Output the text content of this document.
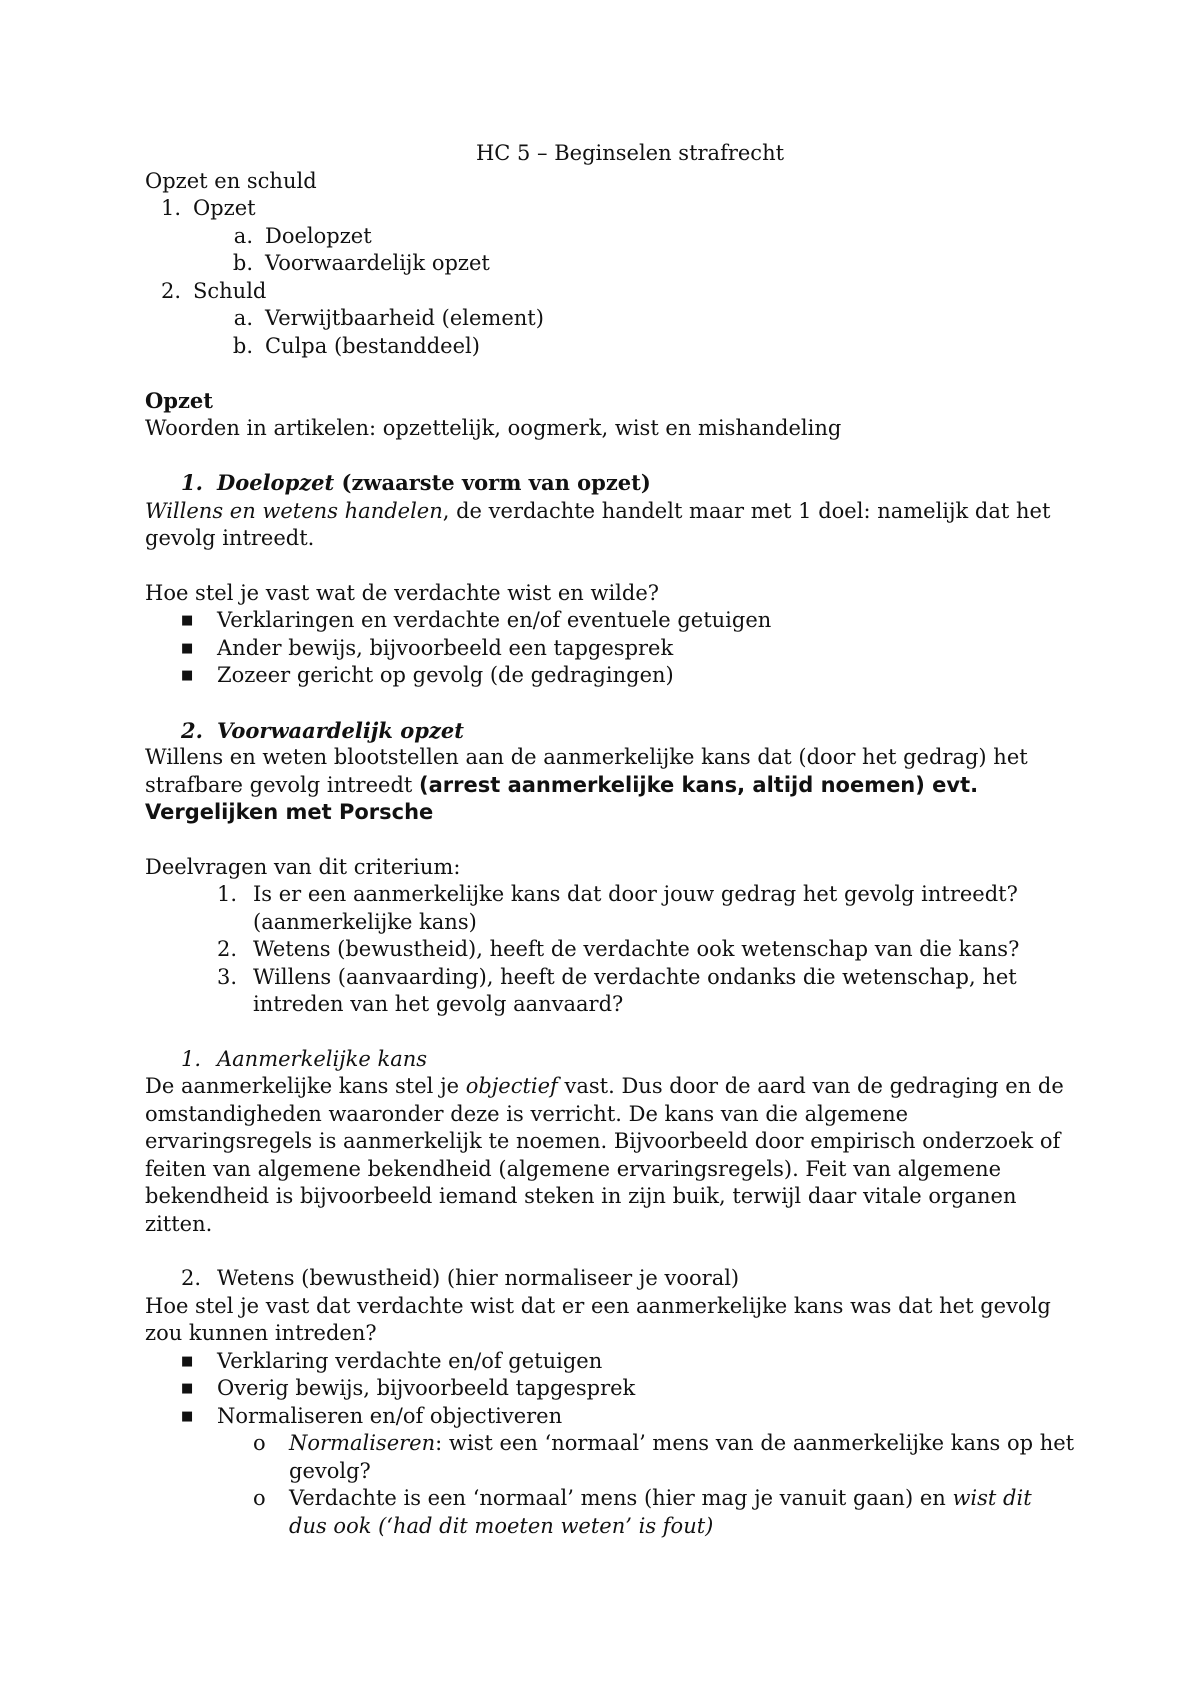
HC 5 – Beginselen strafrecht
Opzet en schuld
1. Opzet
a. Doelopzet
b. Voorwaardelijk opzet
2. Schuld
a. Verwijtbaarheid (element)
b. Culpa (bestanddeel)
Opzet
Woorden in artikelen: opzettelijk, oogmerk, wist en mishandeling
1. Doelopzet (zwaarste vorm van opzet)

Willens en wetens handelen, de verdachte handelt maar met 1 doel: namelijk dat het gevolg intreedt.

Hoe stel je vast wat de verdachte wist en wilde?
■	Verklaringen en verdachte en/of eventuele getuigen
■	Ander bewijs, bijvoorbeeld een tapgesprek
■	Zozeer gericht op gevolg (de gedragingen)
2. Voorwaardelijk opzet

Willens en weten blootstellen aan de aanmerkelijke kans dat (door het gedrag) het strafbare gevolg intreedt (arrest aanmerkelijke kans, altijd noemen) evt. Vergelijken met Porsche

Deelvragen van dit criterium:
1. Is er een aanmerkelijke kans dat door jouw gedrag het gevolg intreedt? (aanmerkelijke kans)
2. Wetens (bewustheid), heeft de verdachte ook wetenschap van die kans?
3. Willens (aanvaarding), heeft de verdachte ondanks die wetenschap, het intreden van het gevolg aanvaard?
1. Aanmerkelijke kans

De aanmerkelijke kans stel je objectief vast. Dus door de aard van de gedraging en de omstandigheden waaronder deze is verricht. De kans van die algemene ervaringsregels is aanmerkelijk te noemen. Bijvoorbeeld door empirisch onderzoek of feiten van algemene bekendheid (algemene ervaringsregels). Feit van algemene bekendheid is bijvoorbeeld iemand steken in zijn buik, terwijl daar vitale organen zitten.

2. Wetens (bewustheid) (hier normaliseer je vooral)
Hoe stel je vast dat verdachte wist dat er een aanmerkelijke kans was dat het gevolg zou kunnen intreden?
■	Verklaring verdachte en/of getuigen
■	Overig bewijs, bijvoorbeeld tapgesprek
■	Normaliseren en/of objectiveren
o	Normaliseren: wist een ‘normaal’ mens van de aanmerkelijke kans op het gevolg?
o	Verdachte is een ‘normaal’ mens (hier mag je vanuit gaan) en wist dit dus ook (‘had dit moeten weten’ is fout)
